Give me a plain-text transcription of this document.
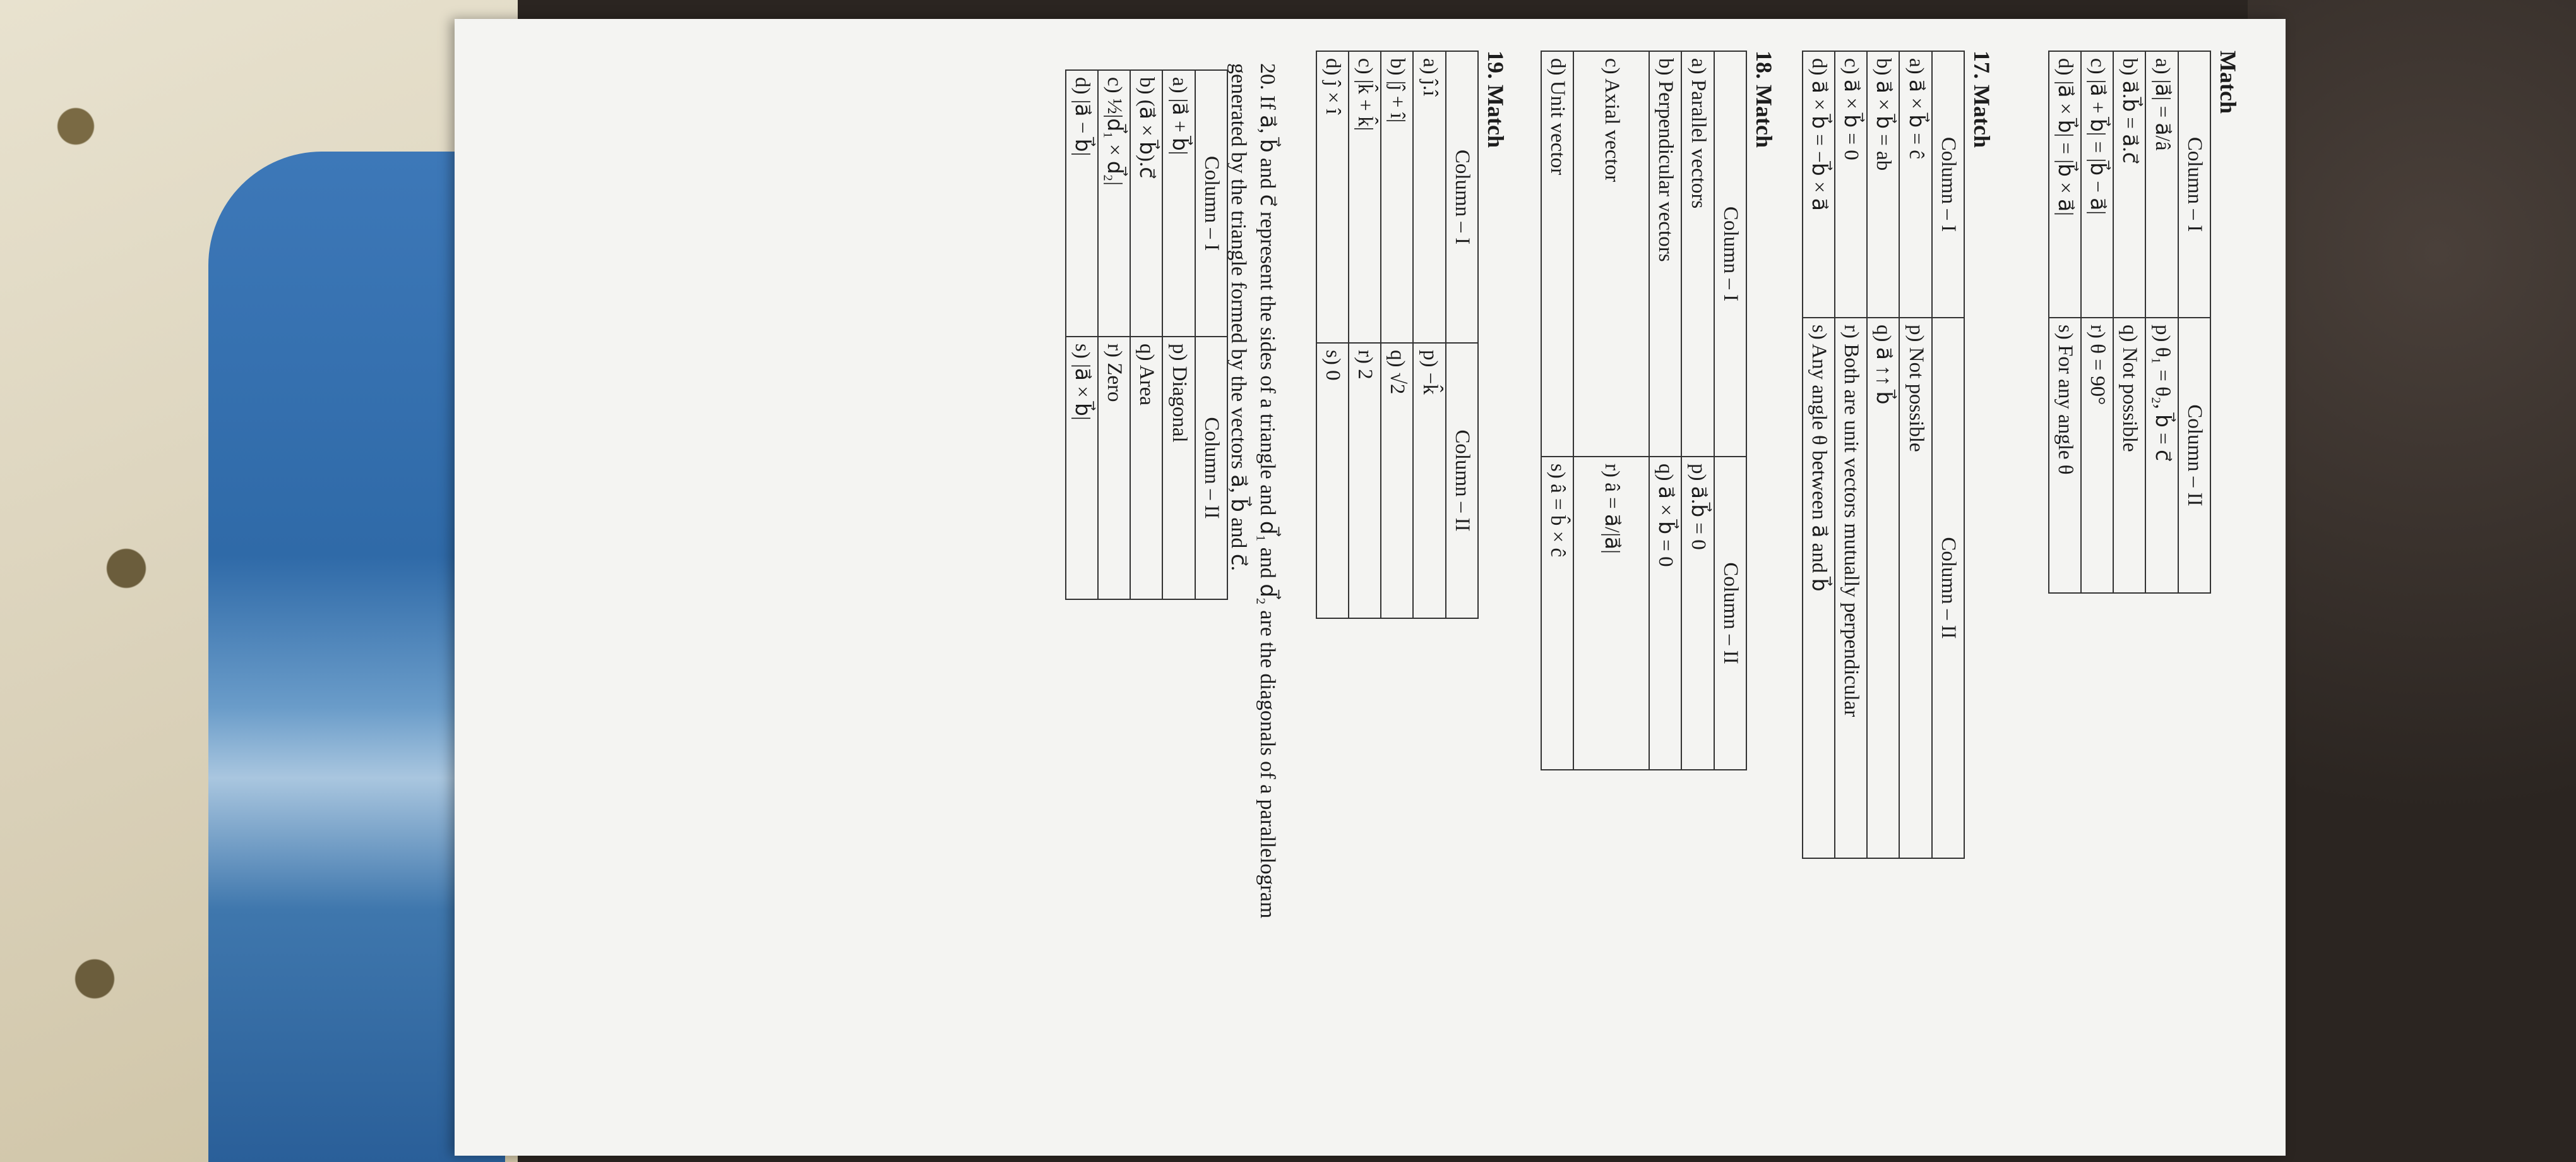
Match
Column – I	Column – II
a) |a⃗| = a⃗/â	p) θ₁ = θ₂, b⃗ = c⃗
b) a⃗.b⃗ = a⃗.c⃗	q) Not possible
c) |a⃗ + b⃗| = |b⃗ − a⃗|	r) θ = 90°
d) |a⃗ × b⃗| = |b⃗ × a⃗|	s) For any angle θ
17. Match
Column – I	Column – II
a) a⃗ × b⃗ = ĉ	p) Not possible
b) a⃗ × b⃗ = ab	q) a⃗ ↑↑ b⃗
c) a⃗ × b⃗ = 0	r) Both are unit vectors mutually perpendicular
d) a⃗ × b⃗ = −b⃗ × a⃗	s) Any angle θ between a⃗ and b⃗
18. Match
Column – I	Column – II
a) Parallel vectors	p) a⃗.b⃗ = 0
b) Perpendicular vectors	q) a⃗ × b⃗ = 0
c) Axial vector	r) â = a⃗/|a⃗|
d) Unit vector	s) â = b̂ × ĉ
19. Match
Column – I	Column – II
a) ĵ.î	p) −k̂
b) |ĵ + î|	q) √2
c) |k̂ + k̂|	r) 2
d) ĵ × î	s) 0
20. If a⃗, b⃗ and c⃗ represent the sides of a triangle and d⃗₁ and d⃗₂ are the diagonals of a parallelogram
generated by the triangle formed by the vectors a⃗, b⃗ and c⃗.
Column – I	Column – II
a) |a⃗ + b⃗|	p) Diagonal
b) (a⃗ × b⃗).c⃗	q) Area
c) ½|d⃗₁ × d⃗₂|	r) Zero
d) |a⃗ − b⃗|	s) |a⃗ × b⃗|
